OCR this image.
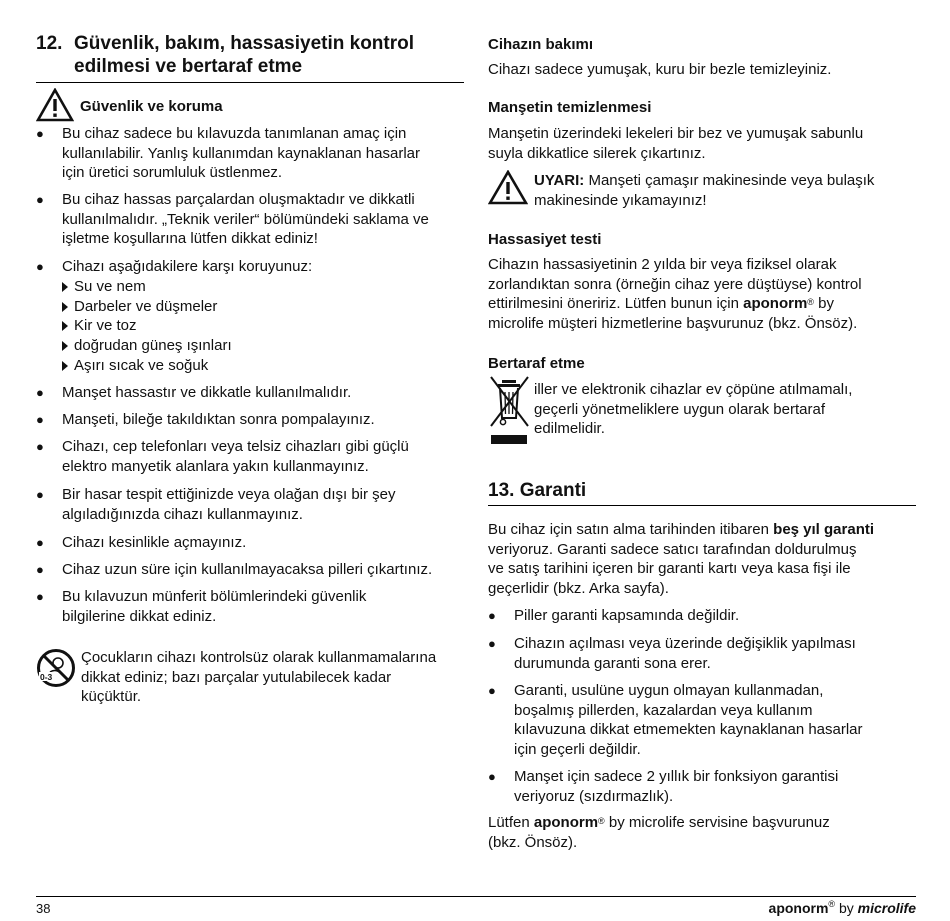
12. Güvenlik, bakım, hassasiyetin kontrol
edilmesi ve bertaraf etme
Güvenlik ve koruma
● Bu cihaz sadece bu kılavuzda tanımlanan amaç için
kullanılabilir. Yanlış kullanımdan kaynaklanan hasarlar
için üretici sorumluluk üstlenmez.
● Bu cihaz hassas parçalardan oluşmaktadır ve dikkatli
kullanılmalıdır. „Teknik veriler“ bölümündeki saklama ve
işletme koşullarına lütfen dikkat ediniz!
● Cihazı aşağıdakilere karşı koruyunuz:
Su ve nem
Darbeler ve düşmeler
Kir ve toz
doğrudan güneş ışınları
Aşırı sıcak ve soğuk
● Manşet hassastır ve dikkatle kullanılmalıdır.
● Manşeti, bileğe takıldıktan sonra pompalayınız.
● Cihazı, cep telefonları veya telsiz cihazları gibi güçlü
elektro manyetik alanlara yakın kullanmayınız.
● Bir hasar tespit ettiğinizde veya olağan dışı bir şey
algıladığınızda cihazı kullanmayınız.
● Cihazı kesinlikle açmayınız.
● Cihaz uzun süre için kullanılmayacaksa pilleri çıkartınız.
● Bu kılavuzun münferit bölümlerindeki güvenlik
bilgilerine dikkat ediniz.
0-3
Çocukların cihazı kontrolsüz olarak kullanmamalarına
dikkat ediniz; bazı parçalar yutulabilecek kadar
küçüktür.
Cihazın bakımı
Cihazı sadece yumuşak, kuru bir bezle temizleyiniz.
Manşetin temizlenmesi
Manşetin üzerindeki lekeleri bir bez ve yumuşak sabunlu
suyla dikkatlice silerek çıkartınız.
UYARI: Manşeti çamaşır makinesinde veya bulaşık
makinesinde yıkamayınız!
Hassasiyet testi
Cihazın hassasiyetinin 2 yılda bir veya fiziksel olarak
zorlandıktan sonra (örneğin cihaz yere düştüyse) kontrol
ettirilmesini öneririz. Lütfen bunun için aponorm® by
microlife müşteri hizmetlerine başvurunuz (bkz. Önsöz).
Bertaraf etme
iller ve elektronik cihazlar ev çöpüne atılmamalı,
geçerli yönetmeliklere uygun olarak bertaraf
edilmelidir.
13. Garanti
Bu cihaz için satın alma tarihinden itibaren beş yıl garanti
veriyoruz. Garanti sadece satıcı tarafından doldurulmuş
ve satış tarihini içeren bir garanti kartı veya kasa fişi ile
geçerlidir (bkz. Arka sayfa).
● Piller garanti kapsamında değildir.
● Cihazın açılması veya üzerinde değişiklik yapılması
durumunda garanti sona erer.
● Garanti, usulüne uygun olmayan kullanmadan,
boşalmış pillerden, kazalardan veya kullanım
kılavuzuna dikkat etmemekten kaynaklanan hasarlar
için geçerli değildir.
● Manşet için sadece 2 yıllık bir fonksiyon garantisi
veriyoruz (sızdırmazlık).
Lütfen aponorm® by microlife servisine başvurunuz
(bkz. Önsöz).
38	aponorm® by microlife
